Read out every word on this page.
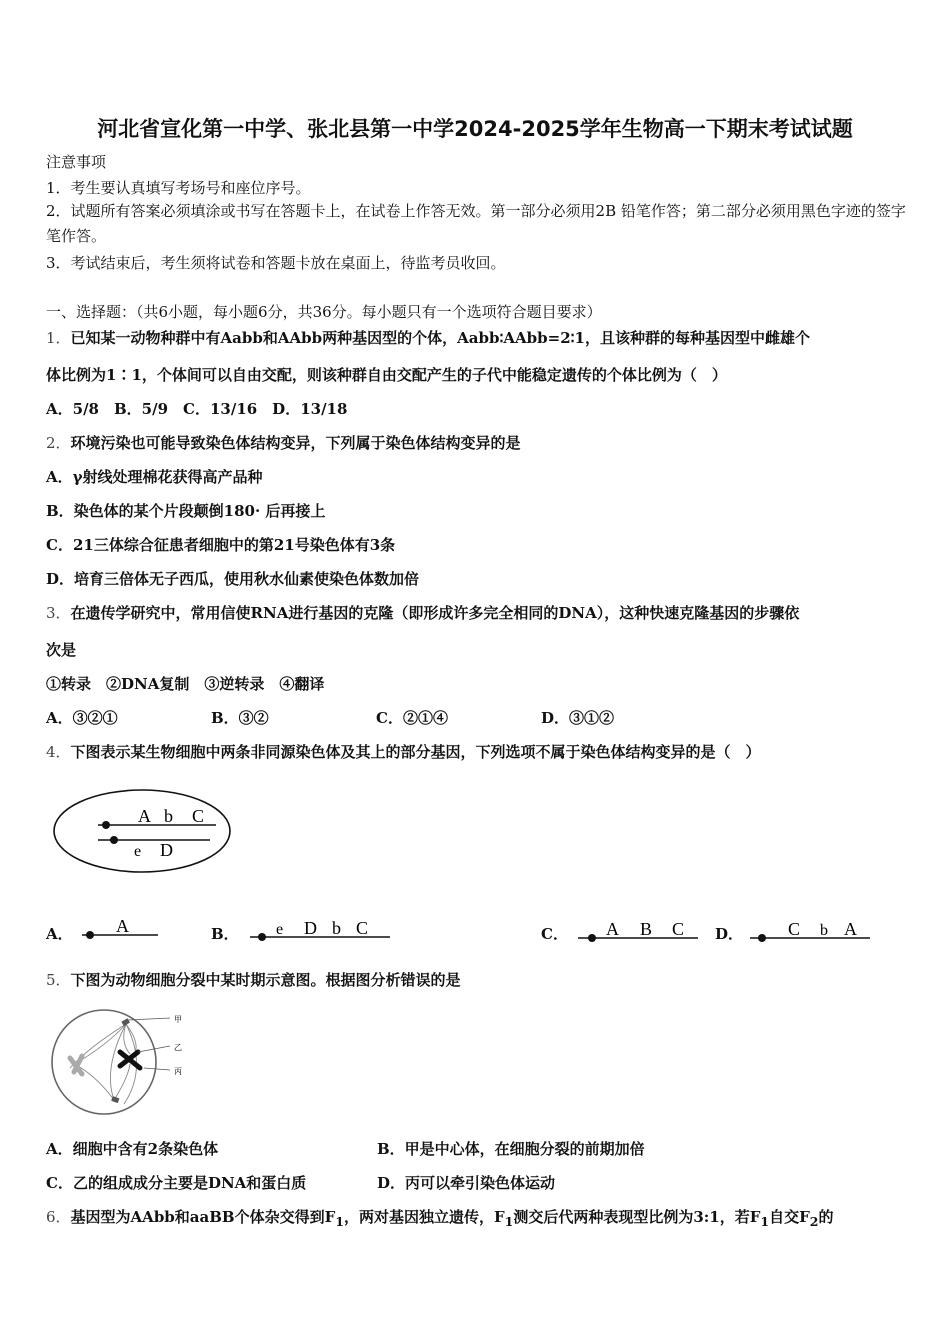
河北省宣化第一中学、张北县第一中学2024-2025学年生物高一下期末考试试题
注意事项
1．考生要认真填写考场号和座位序号。
2．试题所有答案必须填涂或书写在答题卡上，在试卷上作答无效。第一部分必须用2B 铅笔作答；第二部分必须用黑色字迹的签字笔作答。
3．考试结束后，考生须将试卷和答题卡放在桌面上，待监考员收回。
一、选择题：（共6小题，每小题6分，共36分。每小题只有一个选项符合题目要求）
1．已知某一动物种群中有Aabb和AAbb两种基因型的个体，Aabb∶AAbb=2∶1，且该种群的每种基因型中雌雄个
体比例为1∶1，个体间可以自由交配，则该种群自由交配产生的子代中能稳定遗传的个体比例为（　）
A．5/8　B．5/9　C．13/16　D．13/18
2．环境污染也可能导致染色体结构变异，下列属于染色体结构变异的是
A．γ射线处理棉花获得高产品种
B．染色体的某个片段颠倒180· 后再接上
C．21三体综合征患者细胞中的第21号染色体有3条
D．培育三倍体无子西瓜，使用秋水仙素使染色体数加倍
3．在遗传学研究中，常用信使RNA进行基因的克隆（即形成许多完全相同的DNA），这种快速克隆基因的步骤依
次是
①转录　②DNA复制　③逆转录　④翻译
A．③②①	B．③②	C．②①④	D．③①②
4．下图表示某生物细胞中两条非同源染色体及其上的部分基因，下列选项不属于染色体结构变异的是（　）
A b C
e D
A． A	B． e D b C	C． A B C D． C b A
5．下图为动物细胞分裂中某时期示意图。根据图分析错误的是
甲
乙
丙
A．细胞中含有2条染色体	B．甲是中心体，在细胞分裂的前期加倍
C．乙的组成成分主要是DNA和蛋白质	D．丙可以牵引染色体运动
6．基因型为AAbb和aaBB个体杂交得到$F_1$，两对基因独立遗传，$F_1$测交后代两种表现型比例为3:1，若$F_1$自交$F_2$的
